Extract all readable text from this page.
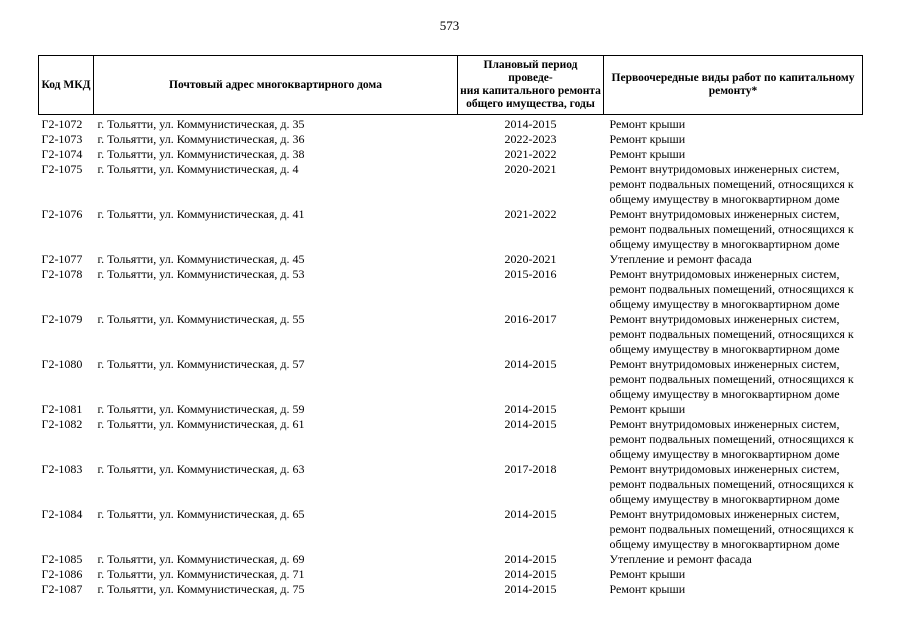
573
Код МКД	Почтовый адрес многоквартирного дома	Плановый период проведе-
ния капитального ремонта
общего имущества, годы	Первоочередные виды работ по капитальному
ремонту*
Г2-1072	г. Тольятти, ул. Коммунистическая, д. 35	2014-2015	Ремонт крыши
Г2-1073	г. Тольятти, ул. Коммунистическая, д. 36	2022-2023	Ремонт крыши
Г2-1074	г. Тольятти, ул. Коммунистическая, д. 38	2021-2022	Ремонт крыши
Г2-1075	г. Тольятти, ул. Коммунистическая, д. 4	2020-2021	Ремонт внутридомовых инженерных систем,
ремонт подвальных помещений, относящихся к
общему имуществу в многоквартирном доме
Г2-1076	г. Тольятти, ул. Коммунистическая, д. 41	2021-2022	Ремонт внутридомовых инженерных систем,
ремонт подвальных помещений, относящихся к
общему имуществу в многоквартирном доме
Г2-1077	г. Тольятти, ул. Коммунистическая, д. 45	2020-2021	Утепление и ремонт фасада
Г2-1078	г. Тольятти, ул. Коммунистическая, д. 53	2015-2016	Ремонт внутридомовых инженерных систем,
ремонт подвальных помещений, относящихся к
общему имуществу в многоквартирном доме
Г2-1079	г. Тольятти, ул. Коммунистическая, д. 55	2016-2017	Ремонт внутридомовых инженерных систем,
ремонт подвальных помещений, относящихся к
общему имуществу в многоквартирном доме
Г2-1080	г. Тольятти, ул. Коммунистическая, д. 57	2014-2015	Ремонт внутридомовых инженерных систем,
ремонт подвальных помещений, относящихся к
общему имуществу в многоквартирном доме
Г2-1081	г. Тольятти, ул. Коммунистическая, д. 59	2014-2015	Ремонт крыши
Г2-1082	г. Тольятти, ул. Коммунистическая, д. 61	2014-2015	Ремонт внутридомовых инженерных систем,
ремонт подвальных помещений, относящихся к
общему имуществу в многоквартирном доме
Г2-1083	г. Тольятти, ул. Коммунистическая, д. 63	2017-2018	Ремонт внутридомовых инженерных систем,
ремонт подвальных помещений, относящихся к
общему имуществу в многоквартирном доме
Г2-1084	г. Тольятти, ул. Коммунистическая, д. 65	2014-2015	Ремонт внутридомовых инженерных систем,
ремонт подвальных помещений, относящихся к
общему имуществу в многоквартирном доме
Г2-1085	г. Тольятти, ул. Коммунистическая, д. 69	2014-2015	Утепление и ремонт фасада
Г2-1086	г. Тольятти, ул. Коммунистическая, д. 71	2014-2015	Ремонт крыши
Г2-1087	г. Тольятти, ул. Коммунистическая, д. 75	2014-2015	Ремонт крыши
